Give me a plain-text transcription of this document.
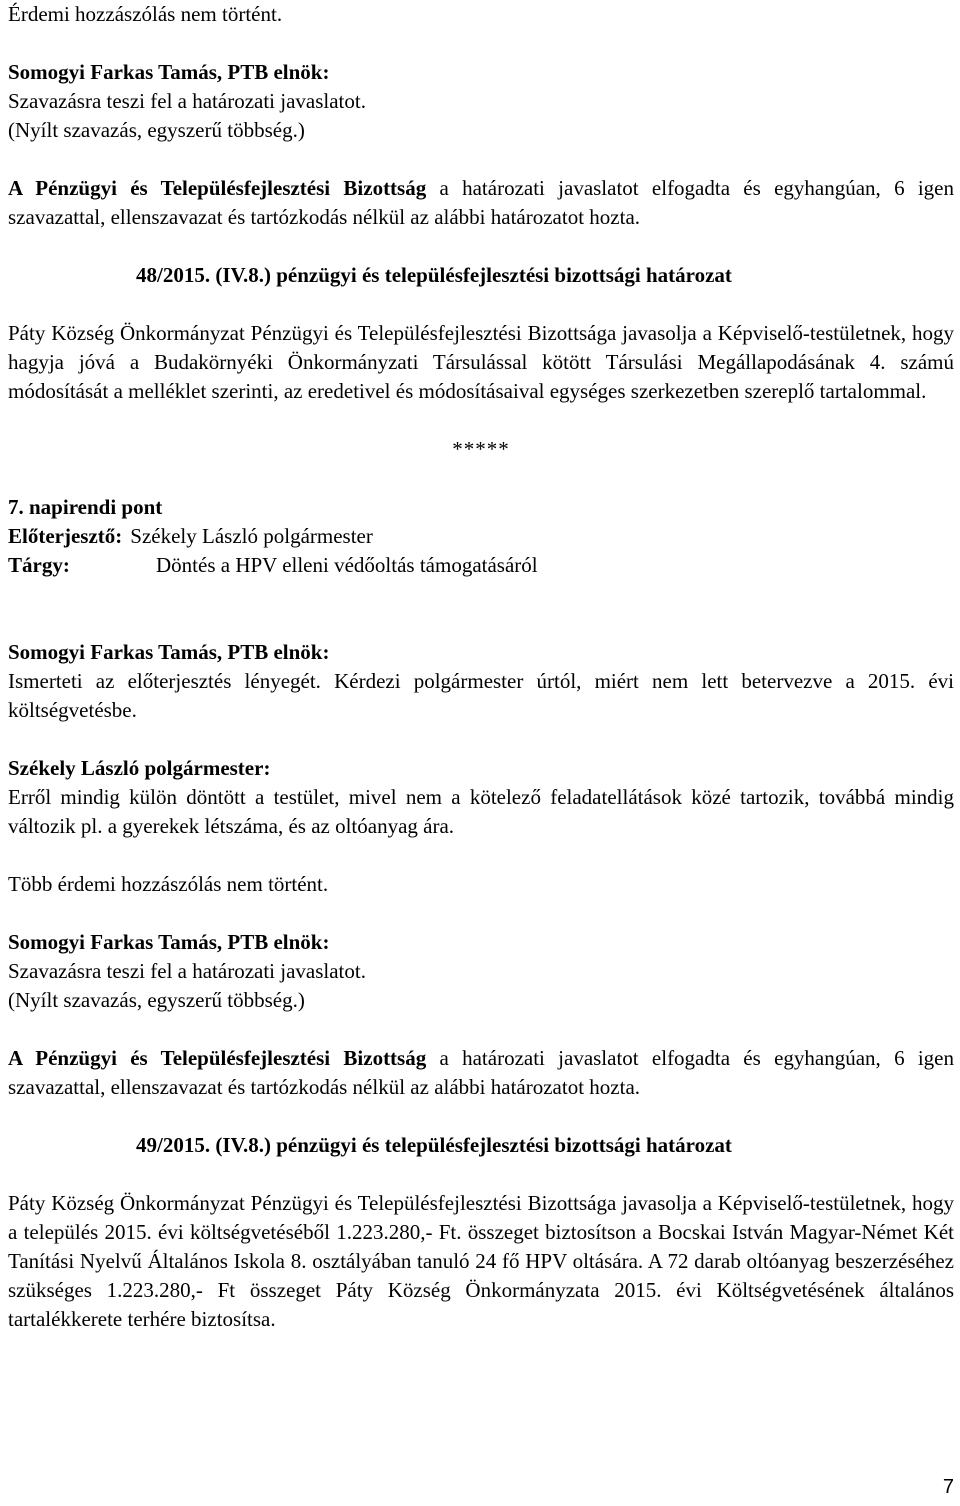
Érdemi hozzászólás nem történt.

Somogyi Farkas Tamás, PTB elnök:

Szavazásra teszi fel a határozati javaslatot.

(Nyílt szavazás, egyszerű többség.)

A Pénzügyi és Településfejlesztési Bizottság a határozati javaslatot elfogadta és egyhangúan, 6 igen szavazattal, ellenszavazat és tartózkodás nélkül az alábbi határozatot hozta.

48/2015. (IV.8.) pénzügyi és településfejlesztési bizottsági határozat

Páty Község Önkormányzat Pénzügyi és Településfejlesztési Bizottsága javasolja a Képviselő-testületnek, hogy hagyja jóvá a Budakörnyéki Önkormányzati Társulással kötött Társulási Megállapodásának 4. számú módosítását a melléklet szerinti, az eredetivel és módosításaival egységes szerkezetben szereplő tartalommal.

*****

7. napirendi pont

Előterjesztő: Székely László polgármester
Tárgy:	Döntés a HPV elleni védőoltás támogatásáról

Somogyi Farkas Tamás, PTB elnök:

Ismerteti az előterjesztés lényegét. Kérdezi polgármester úrtól, miért nem lett betervezve a 2015. évi költségvetésbe.

Székely László polgármester:

Erről mindig külön döntött a testület, mivel nem a kötelező feladatellátások közé tartozik, továbbá mindig változik pl. a gyerekek létszáma, és az oltóanyag ára.

Több érdemi hozzászólás nem történt.

Somogyi Farkas Tamás, PTB elnök:

Szavazásra teszi fel a határozati javaslatot.

(Nyílt szavazás, egyszerű többség.)

A Pénzügyi és Településfejlesztési Bizottság a határozati javaslatot elfogadta és egyhangúan, 6 igen szavazattal, ellenszavazat és tartózkodás nélkül az alábbi határozatot hozta.

49/2015. (IV.8.) pénzügyi és településfejlesztési bizottsági határozat

Páty Község Önkormányzat Pénzügyi és Településfejlesztési Bizottsága javasolja a Képviselő-testületnek, hogy a település 2015. évi költségvetéséből 1.223.280,- Ft. összeget biztosítson a Bocskai István Magyar-Német Két Tanítási Nyelvű Általános Iskola 8. osztályában tanuló 24 fő HPV oltására. A 72 darab oltóanyag beszerzéséhez szükséges 1.223.280,- Ft összeget Páty Község Önkormányzata 2015. évi Költségvetésének általános tartalékkerete terhére biztosítsa.

7
